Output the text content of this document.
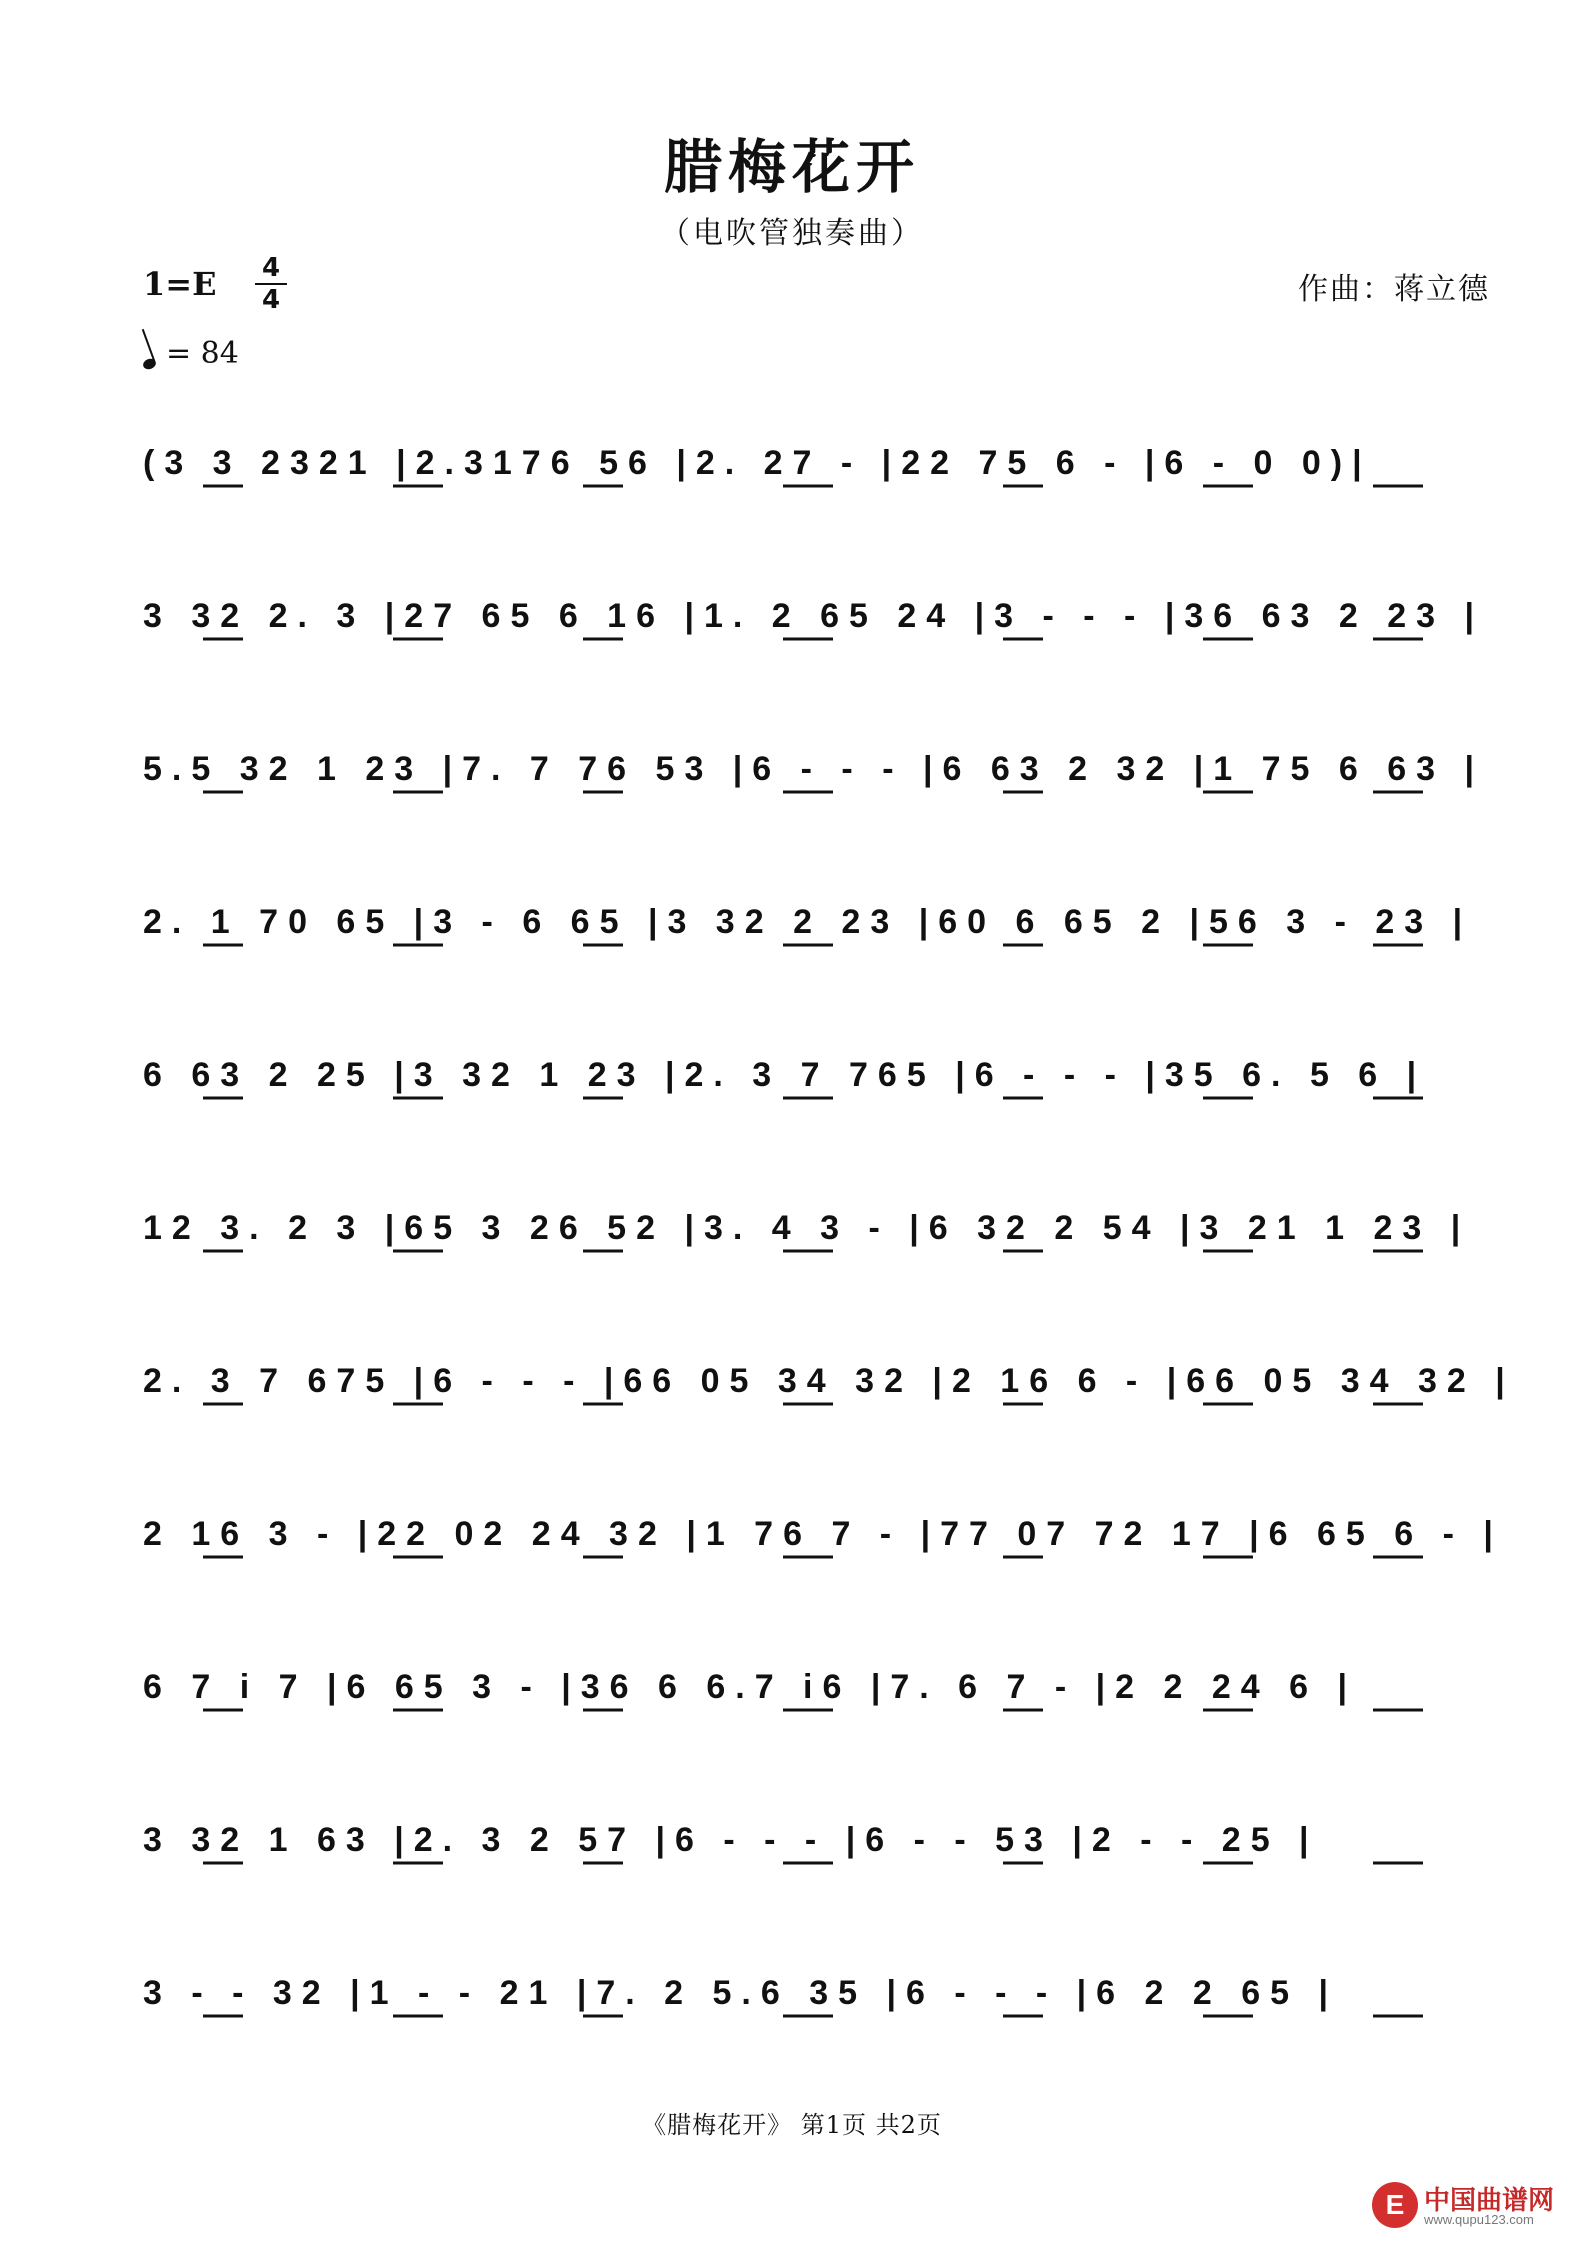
腊梅花开
（电吹管独奏曲）
1=E 4
4
= 84
作曲：蒋立德
(3 3 2321 |2.3176 56 |2. 27 - |22 75 6 - |6 - 0 0)|
3 32 2. 3 |27 65 6 16 |1. 2 65 24 |3 - - - |36 63 2 23 |
5.5 32 1 23 |7. 7 76 53 |6 - - - |6 63 2 32 |1 75 6 63 |
2. 1 70 65 |3 - 6 65 |3 32 2 23 |60 6 65 2 |56 3 - 23 |
6 63 2 25 |3 32 1 23 |2. 3 7 765 |6 - - - |35 6. 5 6 |
12 3. 2 3 |65 3 26 52 |3. 4 3 - |6 32 2 54 |3 21 1 23 |
2. 3 7 675 |6 - - - |66 05 34 32 |2 16 6 - |66 05 34 32 |
2 16 3 - |22 02 24 32 |1 76 7 - |77 07 72 17 |6 65 6 - |
6 7 i 7 |6 65 3 - |36 6 6.7 i6 |7. 6 7 - |2 2 24 6 |
3 32 1 63 |2. 3 2 57 |6 - - - |6 - - 53 |2 - - 25 |
3 - - 32 |1 - - 21 |7. 2 5.6 35 |6 - - - |6 2 2 65 |
《腊梅花开》 第1页 共2页
E 中国曲谱网
www.qupu123.com
